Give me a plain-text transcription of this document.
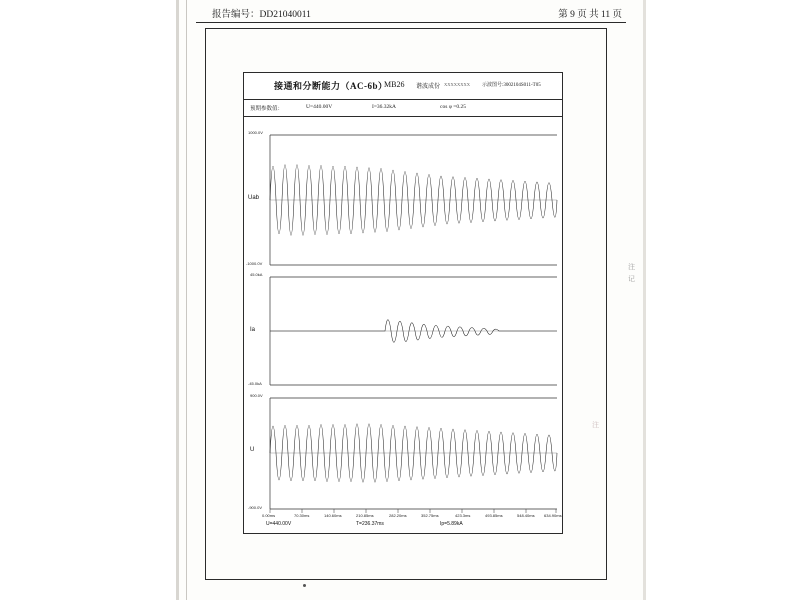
报告编号：DD21040011	第 9 页 共 11 页
接通和分断能力（AC-6b）
MB26 谐波成份 XXXXXXXX 示波图号:3002104S011-T05
预期参数值：	U=440.00V	I=36.32kA	cos φ =0.25
Uab
Ia
U
1000.0V
-1000.0V
45.0kA
-45.0kA
900.0V
-900.0V
0.00ms	70.30ms	140.60ms	210.85ms	282.20ms	352.75ms	423.3ms	493.85ms	548.40ms 634.90ms
U=440.00V	T=236.37ms	Ip=5.89kA
注
记
注
